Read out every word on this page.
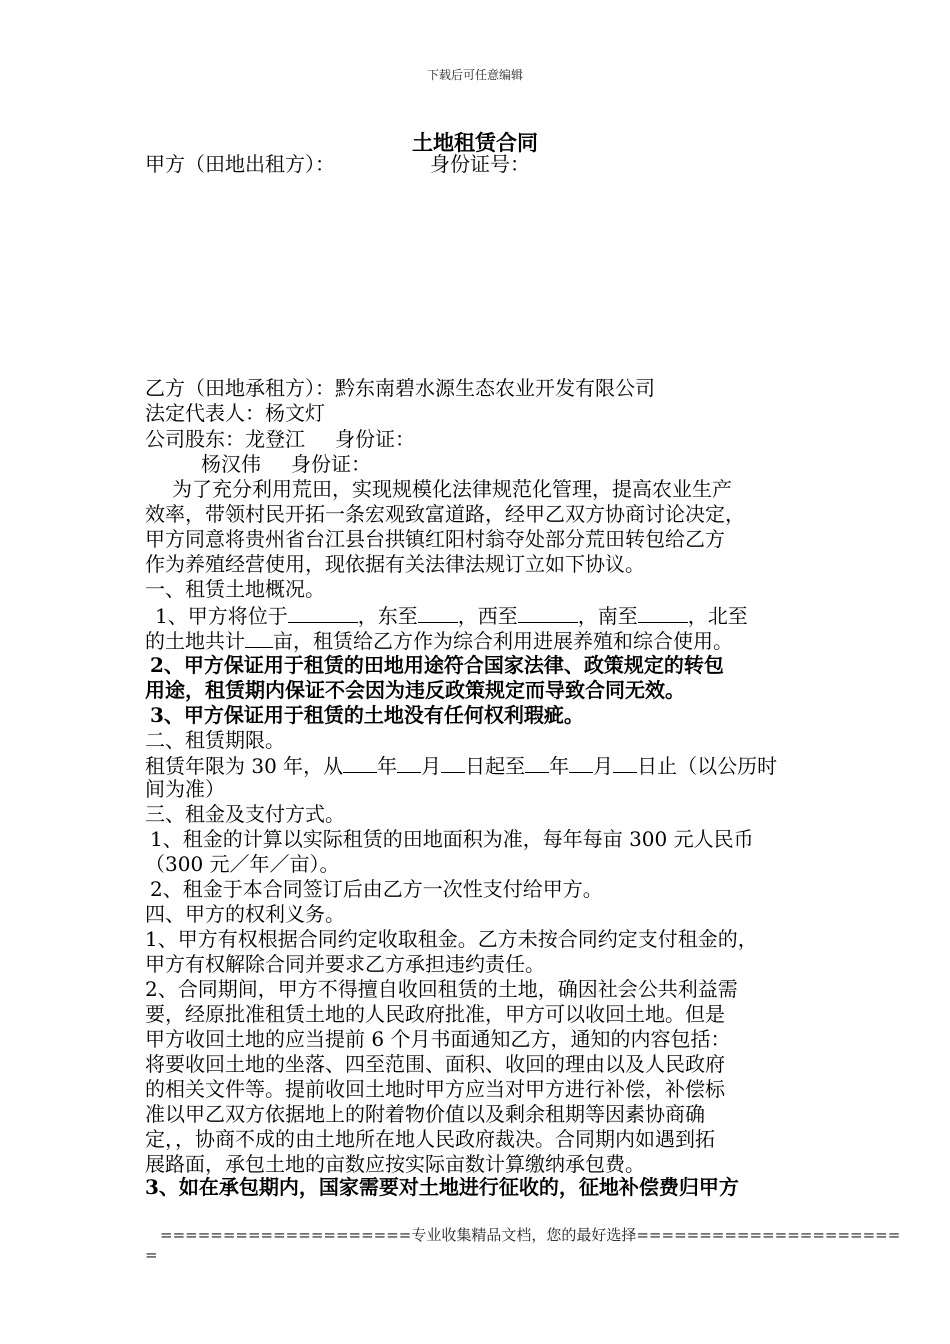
下载后可任意编辑
土地租赁合同
甲方（田地出租方）：	身份证号：
乙方（田地承租方）：黔东南碧水源生态农业开发有限公司
法定代表人：杨文灯
公司股东：龙登江 身份证：
杨汉伟 身份证：
为了充分利用荒田，实现规模化法律规范化管理，提高农业生产
效率，带领村民开拓一条宏观致富道路，经甲乙双方协商讨论决定，
甲方同意将贵州省台江县台拱镇红阳村翁夺处部分荒田转包给乙方
作为养殖经营使用，现依据有关法律法规订立如下协议。
一、租赁土地概况。
1、甲方将位于	，东至 ，西至	，南至	，北至
的土地共计 亩，租赁给乙方作为综合利用进展养殖和综合使用。
2、甲方保证用于租赁的田地用途符合国家法律、政策规定的转包
用途，租赁期内保证不会因为违反政策规定而导致合同无效。
3、甲方保证用于租赁的土地没有任何权利瑕疵。
二、租赁期限。
租赁年限为 30 年，从 年 月 日起至 年 月 日止（以公历时
间为准）
三、租金及支付方式。
1、租金的计算以实际租赁的田地面积为准，每年每亩 300 元人民币
（300 元／年／亩）。
2、租金于本合同签订后由乙方一次性支付给甲方。
四、甲方的权利义务。
1、甲方有权根据合同约定收取租金。乙方未按合同约定支付租金的，
甲方有权解除合同并要求乙方承担违约责任。
2、合同期间，甲方不得擅自收回租赁的土地，确因社会公共利益需
要，经原批准租赁土地的人民政府批准，甲方可以收回土地。但是
甲方收回土地的应当提前 6 个月书面通知乙方，通知的内容包括：
将要收回土地的坐落、四至范围、面积、收回的理由以及人民政府
的相关文件等。提前收回土地时甲方应当对甲方进行补偿，补偿标
准以甲乙双方依据地上的附着物价值以及剩余租期等因素协商确
定，，协商不成的由土地所在地人民政府裁决。合同期内如遇到拓
展路面，承包土地的亩数应按实际亩数计算缴纳承包费。
3、如在承包期内，国家需要对土地进行征收的，征地补偿费归甲方
====================专业收集精品文档，您的最好选择=====================
=
